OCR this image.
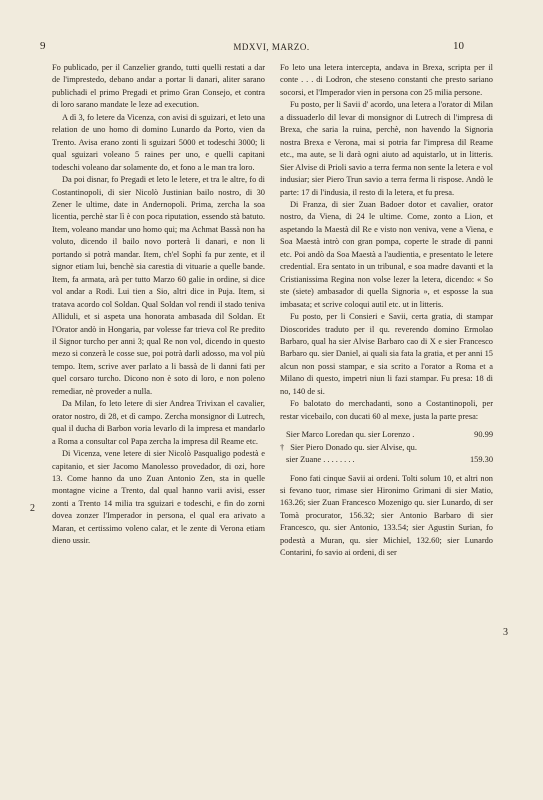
9	MDXVI, MARZO.	10
2
3

Fo publicado, per il Canzelier grando, tutti quelli restati a dar de l'imprestedo, debano andar a portar li danari, aliter sarano publichadi el primo Pregadi et primo Gran Consejo, et contra di loro sarano mandate le leze ad execution.

A dì 3, fo letere da Vicenza, con avisi di sguizari, et leto una relation de uno homo di domino Lunardo da Porto, vien da Trento. Avisa erano zonti li sguizari 5000 et todeschi 3000; li qual sguizari voleano 5 raines per uno, e quelli capitani todeschi voleano dar solamente do, et fono a le man tra loro.

Da poi disnar, fo Pregadi et leto le letere, et tra le altre, fo di Costantinopoli, di sier Nicolò Justinian bailo nostro, di 30 Zener le ultime, date in Andernopoli. Prima, zercha la soa licentia, perchè star lì è con poca riputation, essendo stà batuto. Item, voleano mandar uno homo qui; ma Achmat Bassà non ha voluto, dicendo il bailo novo porterà li danari, e non li portando si potrà mandar. Item, ch'el Sophì fa pur zente, et il signor etiam lui, benchè sia carestia di vituarie a quelle bande. Item, fa armata, arà per tutto Marzo 60 galie in ordine, si dice vol andar a Rodi. Lui tien a Sio, altri dice in Puja. Item, si tratava acordo col Soldan. Qual Soldan vol rendi il stado teniva Alliduli, et si aspeta una honorata ambasada dil Soldan. Et l'Orator andò in Hongaria, par volesse far trieva col Re predito il Signor turcho per anni 3; qual Re non vol, dicendo in questo mezo si conzerà le cosse sue, poi potrà darli adosso, ma vol più tempo. Item, scrive aver parlato a li bassà de li danni fati per quel corsaro turcho. Dicono non è soto di loro, e non poleno remediar, nè proveder a nulla.

Da Milan, fo leto letere di sier Andrea Trivixan el cavalier, orator nostro, di 28, et dì campo. Zercha monsignor di Lutrech, qual il ducha di Barbon voria levarlo di la impresa et mandarlo a Roma a consultar col Papa zercha la impresa dil Reame etc.

Di Vicenza, vene letere di sier Nicolò Pasqualigo podestà e capitanio, et sier Jacomo Manolesso provedador, di ozi, hore 13. Come hanno da uno Zuan Antonio Zen, sta in quelle montagne vicine a Trento, dal qual hanno varii avisi, esser zonti a Trento 14 milia tra sguizari e todeschi, e fin do zorni dovea zonzer l'Imperador in persona, el qual era arivato a Maran, et certissimo voleno calar, et le zente di Verona etiam dieno ussir.

Fo leto una letera intercepta, andava in Brexa, scripta per il conte . . . di Lodron, che steseno constanti che presto sariano socorsi, et l'Imperador vien in persona con 25 milia persone.

Fu posto, per li Savii d' acordo, una letera a l'orator di Milan a dissuaderlo dil levar di monsignor di Lutrech di l'impresa di Brexa, che saria la ruina, perchè, non havendo la Signoria nostra Brexa e Verona, mai si potria far l'impresa dil Reame etc., ma aute, se li darà ogni aiuto ad aquistarlo, ut in litteris. Sier Alvise di Prioli savio a terra ferma non sente la letera e vol indusiar; sier Piero Trun savio a terra ferma li rispose. Andò le parte: 17 di l'indusia, il resto di la letera, et fu presa.

Di Franza, di sier Zuan Badoer dotor et cavalier, orator nostro, da Viena, di 24 le ultime. Come, zonto a Lion, et aspetando la Maestà dil Re e visto non veniva, vene a Viena, e Soa Maestà intrò con gran pompa, coperte le strade di panni etc. Poi andò da Soa Maestà a l'audientia, e presentato le letere credential. Era sentato in un tribunal, e soa madre davanti et la Cristianissima Regina non volse lezer la letera, dicendo: « So ste (siete) ambasador di quella Signoria », et esposse la sua imbasata; et scrive coloqui autil etc. ut in litteris.

Fu posto, per li Consieri e Savii, certa gratia, di stampar Dioscorides traduto per il qu. reverendo domino Ermolao Barbaro, qual ha sier Alvise Barbaro cao di X e sier Francesco Barbaro qu. sier Daniel, ai quali sia fata la gratia, et per anni 15 alcun non possi stampar, e sia scrito a l'orator a Roma et a Milano di questo, impetri niun li fazi stampar. Fu presa: 18 di no, 140 de si.

Fo balotato do merchadanti, sono a Costantinopoli, per restar vicebailo, con ducati 60 al mexe, justa la parte presa:

Sier Marco Loredan qu. sier Lorenzo .	90.99
† Sier Piero Donado qu. sier Alvise, qu.
sier Zuane . . . . . . . .	159.30

Fono fati cinque Savii ai ordeni. Tolti solum 10, et altri non si fevano tuor, rimase sier Hironimo Grimani di sier Matio, 163.26; sier Zuan Francesco Mozenigo qu. sier Lunardo, di ser Tomà procurator, 156.32; sier Antonio Barbaro di sier Francesco, qu. sier Antonio, 133.54; sier Agustin Surian, fo podestà a Muran, qu. sier Michiel, 132.60; sier Lunardo Contarini, fo savio ai ordeni, di ser
